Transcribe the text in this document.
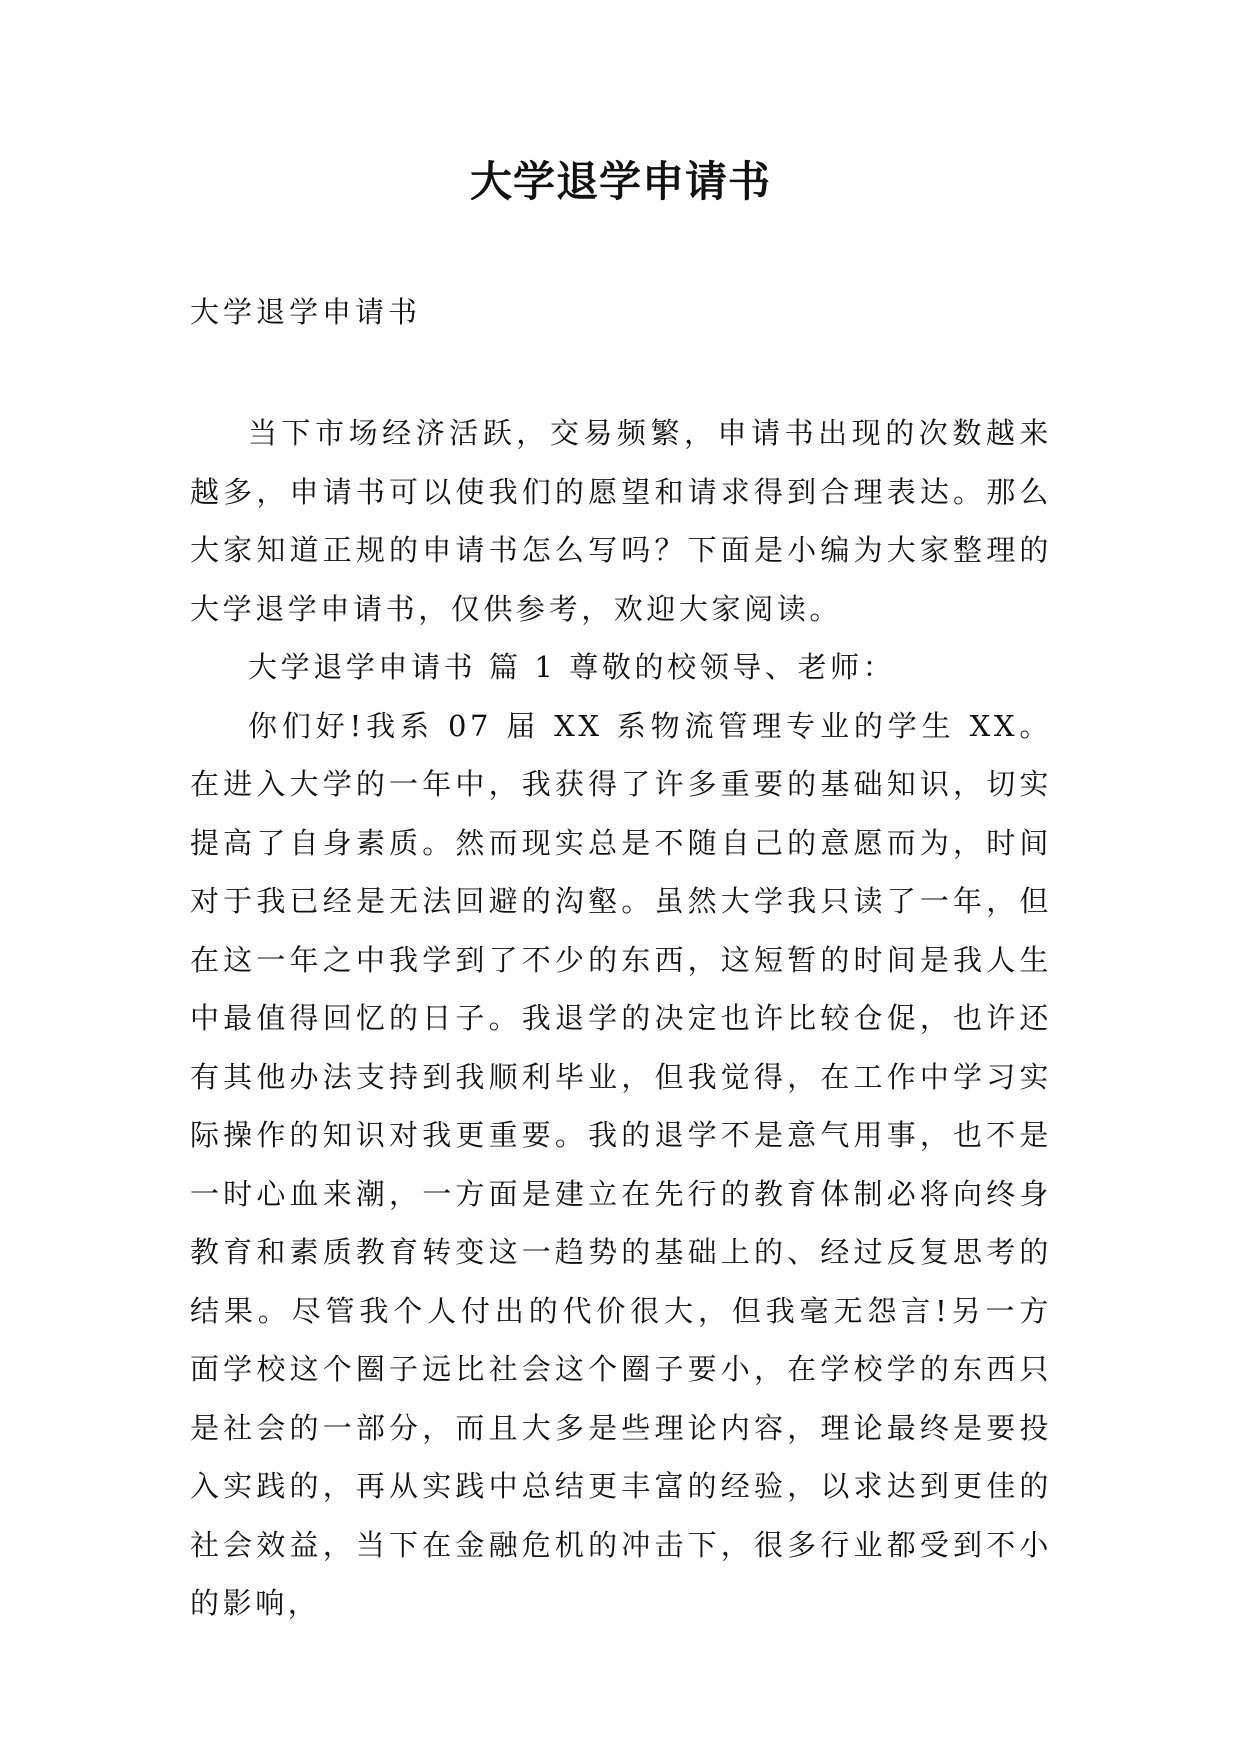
大学退学申请书

大学退学申请书

当下市场经济活跃，交易频繁，申请书出现的次数越来越多，申请书可以使我们的愿望和请求得到合理表达。那么大家知道正规的申请书怎么写吗？下面是小编为大家整理的大学退学申请书，仅供参考，欢迎大家阅读。

大学退学申请书 篇 1 尊敬的校领导、老师：

你们好!我系 07 届 XX 系物流管理专业的学生 XX。在进入大学的一年中，我获得了许多重要的基础知识，切实提高了自身素质。然而现实总是不随自己的意愿而为，时间对于我已经是无法回避的沟壑。虽然大学我只读了一年，但在这一年之中我学到了不少的东西，这短暂的时间是我人生中最值得回忆的日子。我退学的决定也许比较仓促，也许还有其他办法支持到我顺利毕业，但我觉得，在工作中学习实际操作的知识对我更重要。我的退学不是意气用事，也不是一时心血来潮，一方面是建立在先行的教育体制必将向终身教育和素质教育转变这一趋势的基础上的、经过反复思考的结果。尽管我个人付出的代价很大，但我毫无怨言!另一方面学校这个圈子远比社会这个圈子要小，在学校学的东西只是社会的一部分，而且大多是些理论内容，理论最终是要投入实践的，再从实践中总结更丰富的经验，以求达到更佳的社会效益，当下在金融危机的冲击下，很多行业都受到不小的影响，
